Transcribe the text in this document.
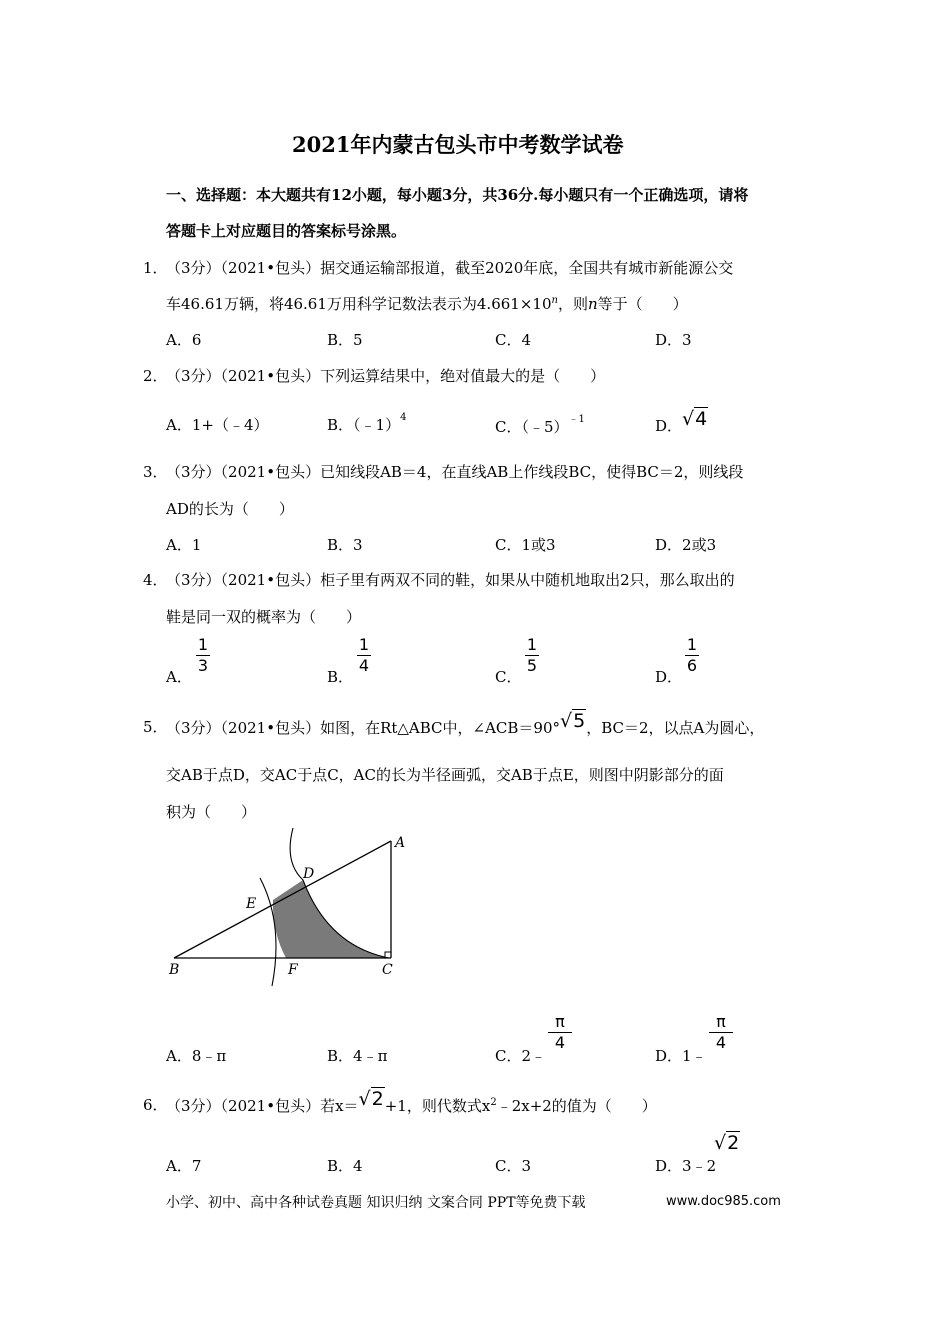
2021年内蒙古包头市中考数学试卷
一、选择题：本大题共有12小题，每小题3分，共36分.每小题只有一个正确选项，请将
答题卡上对应题目的答案标号涂黑。
1．
（3分）（2021•包头）据交通运输部报道，截至2020年底，全国共有城市新能源公交
车46.61万辆，将46.61万用科学记数法表示为$4.661\times 10^n$，则n等于（　　）
A．6	B．5	C．4	D．3
2．
（3分）（2021•包头）下列运算结果中，绝对值最大的是（　　）
A．1+（﹣4）	B．（﹣1）$^4$
C．（﹣5）$^{﹣1}$	D．√4
3．
（3分）（2021•包头）已知线段AB＝4，在直线AB上作线段BC，使得BC＝2，则线段
AD的长为（　　）
A．1	B．3	C．1或3	D．2或3
4．
（3分）（2021•包头）柜子里有两双不同的鞋，如果从中随机地取出2只，那么取出的
鞋是同一双的概率为（　　）
A．
1
3
B．
1
4
C．
1
5
D．
1
6
5．
（3分）（2021•包头）如图，在Rt△ABC中，∠ACB＝90°√5，BC＝2，以点A为圆心，
交AB于点D，交AC于点C，AC的长为半径画弧，交AB于点E，则图中阴影部分的面
积为（　　）
A
D
E
B	F	C
A．8﹣π	B．4﹣π	C．2﹣
π
4
D．1﹣
π
4
6．
（3分）（2021•包头）若x＝√2+1，则代数式$x^2﹣2x+2$的值为（　　）
A．7	B．4	C．3	D．3﹣2
√2
小学、初中、高中各种试卷真题 知识归纳 文案合同 PPT等免费下载	www.doc985.com
